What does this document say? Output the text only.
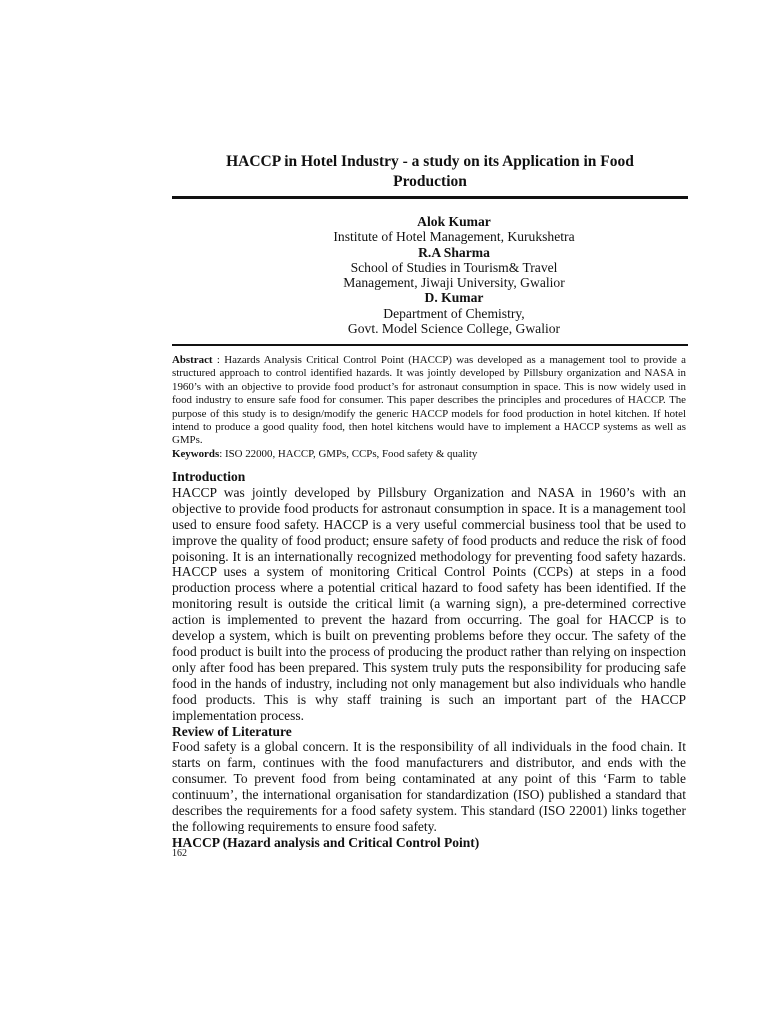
HACCP in Hotel Industry - a study on its Application in Food
Production
Alok Kumar
Institute of Hotel Management, Kurukshetra
R.A Sharma
School of Studies in Tourism& Travel
Management, Jiwaji University, Gwalior
D. Kumar
Department of Chemistry,
Govt. Model Science College, Gwalior
Abstract : Hazards Analysis Critical Control Point (HACCP) was developed as a management tool to provide a structured approach to control identified hazards. It was jointly developed by Pillsbury organization and NASA in 1960’s with an objective to provide food product’s for astronaut consumption in space. This is now widely used in food industry to ensure safe food for consumer. This paper describes the principles and procedures of HACCP. The purpose of this study is to design/modify the generic HACCP models for food production in hotel kitchen. If hotel intend to produce a good quality food, then hotel kitchens would have to implement a HACCP systems as well as GMPs.
Keywords: ISO 22000, HACCP, GMPs, CCPs, Food safety & quality
Introduction

HACCP was jointly developed by Pillsbury Organization and NASA in 1960’s with an objective to provide food products for astronaut consumption in space. It is a management tool used to ensure food safety. HACCP is a very useful commercial business tool that be used to improve the quality of food product; ensure safety of food products and reduce the risk of food poisoning. It is an internationally recognized methodology for preventing food safety hazards. HACCP uses a system of monitoring Critical Control Points (CCPs) at steps in a food production process where a potential critical hazard to food safety has been identified. If the monitoring result is outside the critical limit (a warning sign), a pre-determined corrective action is implemented to prevent the hazard from occurring. The goal for HACCP is to develop a system, which is built on preventing problems before they occur. The safety of the food product is built into the process of producing the product rather than relying on inspection only after food has been prepared. This system truly puts the responsibility for producing safe food in the hands of industry, including not only management but also individuals who handle food products. This is why staff training is such an important part of the HACCP implementation process.

Review of Literature

Food safety is a global concern. It is the responsibility of all individuals in the food chain. It starts on farm, continues with the food manufacturers and distributor, and ends with the consumer. To prevent food from being contaminated at any point of this ‘Farm to table continuum’, the international organisation for standardization (ISO) published a standard that describes the requirements for a food safety system. This standard (ISO 22001) links together the following requirements to ensure food safety.

HACCP (Hazard analysis and Critical Control Point)
162
